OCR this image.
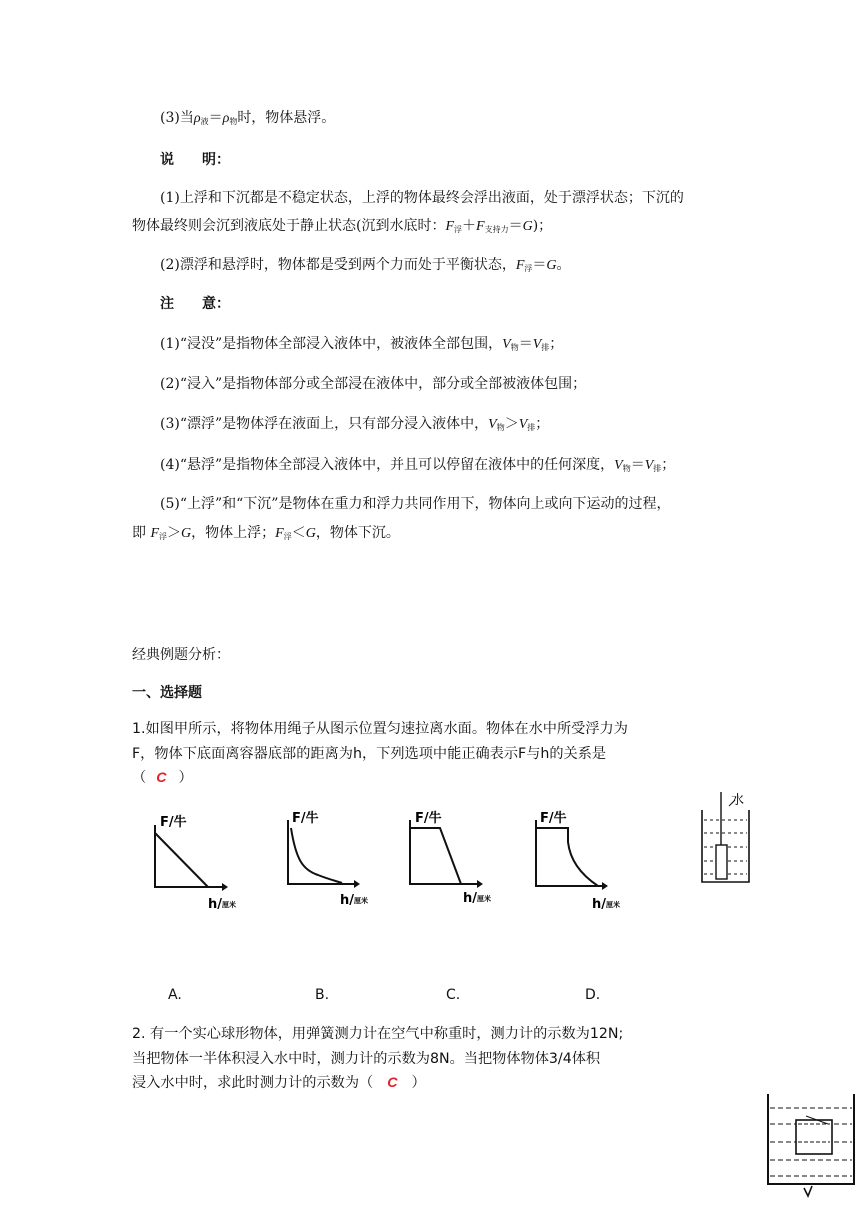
(3)当$\rho_液=\rho_物$时，物体悬浮。
说　　明：
(1)上浮和下沉都是不稳定状态，上浮的物体最终会浮出液面，处于漂浮状态；下沉的
物体最终则会沉到液底处于静止状态(沉到水底时：$F_浮+F_{支持力}=G$)；
(2)漂浮和悬浮时，物体都是受到两个力而处于平衡状态，$F_浮=G$。
注　　意：
(1)“浸没”是指物体全部浸入液体中，被液体全部包围，$V_物=V_排$；
(2)“浸入”是指物体部分或全部浸在液体中，部分或全部被液体包围；
(3)“漂浮”是物体浮在液面上，只有部分浸入液体中，$V_物>V_排$；
(4)“悬浮”是指物体全部浸入液体中，并且可以停留在液体中的任何深度，$V_物=V_排$；
(5)“上浮”和“下沉”是物体在重力和浮力共同作用下，物体向上或向下运动的过程，
即 $F_浮>G$，物体上浮；$F_浮<G$，物体下沉。
经典例题分析：
一、选择题
1.如图甲所示，将物体用绳子从图示位置匀速拉离水面。物体在水中所受浮力为
F，物体下底面离容器底部的距离为h，下列选项中能正确表示F与h的关系是
（ C ）
F/牛
h/厘米
F/牛
h/厘米
F/牛
h/厘米
F/牛
h/厘米
水
A.	B.	C.	D.
2. 有一个实心球形物体，用弹簧测力计在空气中称重时，测力计的示数为12N;
当把物体一半体积浸入水中时，测力计的示数为8N。当把物体物体3/4体积
浸入水中时，求此时测力计的示数为（ C ）
